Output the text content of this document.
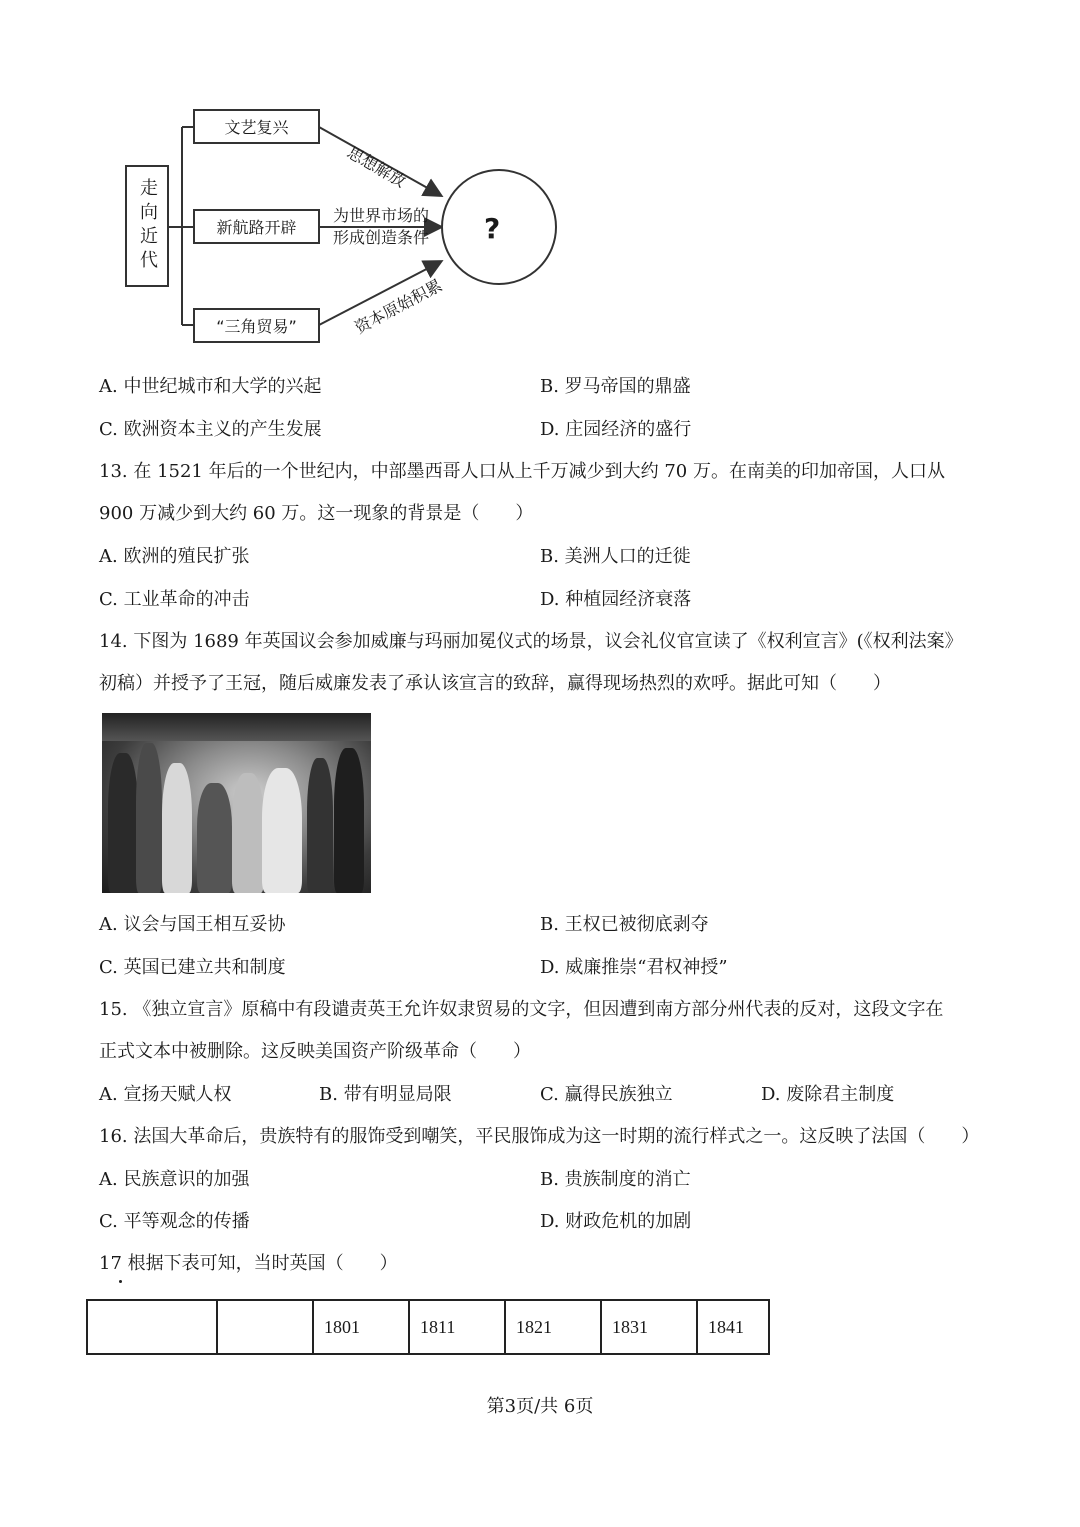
走向近代
文艺复兴
新航路开辟
“三角贸易”
思想解放
为世界市场的
形成创造条件
资本原始积累
?
A. 中世纪城市和大学的兴起	B. 罗马帝国的鼎盛
C. 欧洲资本主义的产生发展	D. 庄园经济的盛行
13. 在 1521 年后的一个世纪内，中部墨西哥人口从上千万减少到大约 70 万。在南美的印加帝国，人口从
900 万减少到大约 60 万。这一现象的背景是（　　）
A. 欧洲的殖民扩张	B. 美洲人口的迁徙
C. 工业革命的冲击	D. 种植园经济衰落
14. 下图为 1689 年英国议会参加威廉与玛丽加冕仪式的场景，议会礼仪官宣读了《权利宣言》(《权利法案》
初稿）并授予了王冠，随后威廉发表了承认该宣言的致辞，赢得现场热烈的欢呼。据此可知（　　）
A. 议会与国王相互妥协	B. 王权已被彻底剥夺
C. 英国已建立共和制度	D. 威廉推崇“君权神授”
15. 《独立宣言》原稿中有段谴责英王允许奴隶贸易的文字，但因遭到南方部分州代表的反对，这段文字在
正式文本中被删除。这反映美国资产阶级革命（　　）
A. 宣扬天赋人权	B. 带有明显局限	C. 赢得民族独立	D. 废除君主制度
16. 法国大革命后，贵族特有的服饰受到嘲笑，平民服饰成为这一时期的流行样式之一。这反映了法国（　　）
A. 民族意识的加强	B. 贵族制度的消亡
C. 平等观念的传播	D. 财政危机的加剧
17 根据下表可知，当时英国（　　）
		1801	1811	1821	1831	1841
第3页/共 6页
